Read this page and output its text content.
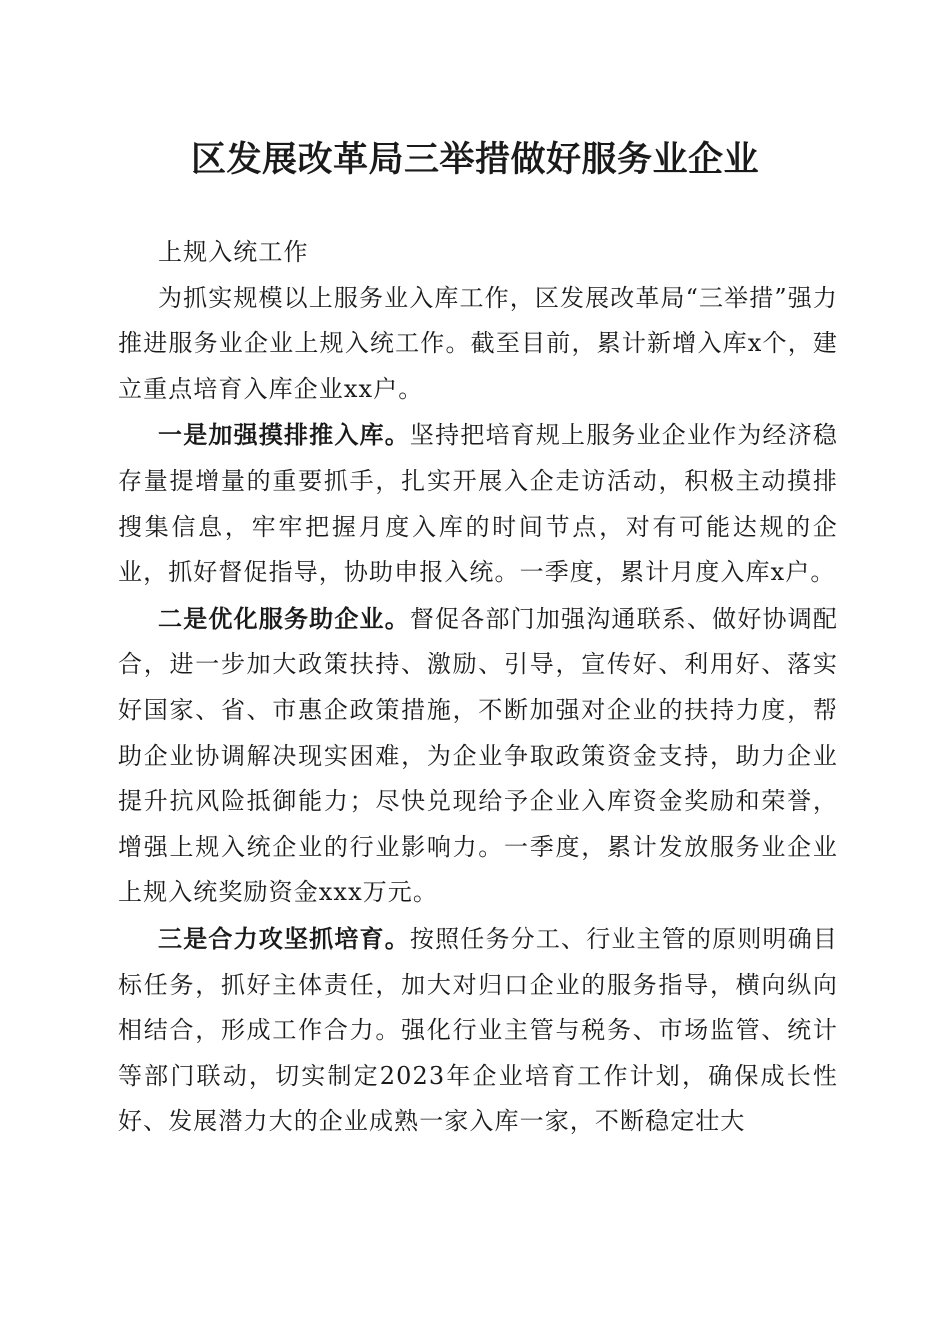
区发展改革局三举措做好服务业企业

上规入统工作

为抓实规模以上服务业入库工作，区发展改革局“三举措”强力推进服务业企业上规入统工作。截至目前，累计新增入库x个，建立重点培育入库企业xx户。

一是加强摸排推入库。坚持把培育规上服务业企业作为经济稳存量提增量的重要抓手，扎实开展入企走访活动，积极主动摸排搜集信息，牢牢把握月度入库的时间节点，对有可能达规的企业，抓好督促指导，协助申报入统。一季度，累计月度入库x户。

二是优化服务助企业。督促各部门加强沟通联系、做好协调配合，进一步加大政策扶持、激励、引导，宣传好、利用好、落实好国家、省、市惠企政策措施，不断加强对企业的扶持力度，帮助企业协调解决现实困难，为企业争取政策资金支持，助力企业提升抗风险抵御能力；尽快兑现给予企业入库资金奖励和荣誉，增强上规入统企业的行业影响力。一季度，累计发放服务业企业上规入统奖励资金xxx万元。

三是合力攻坚抓培育。按照任务分工、行业主管的原则明确目标任务，抓好主体责任，加大对归口企业的服务指导，横向纵向相结合，形成工作合力。强化行业主管与税务、市场监管、统计等部门联动，切实制定2023年企业培育工作计划，确保成长性好、发展潜力大的企业成熟一家入库一家，不断稳定壮大
